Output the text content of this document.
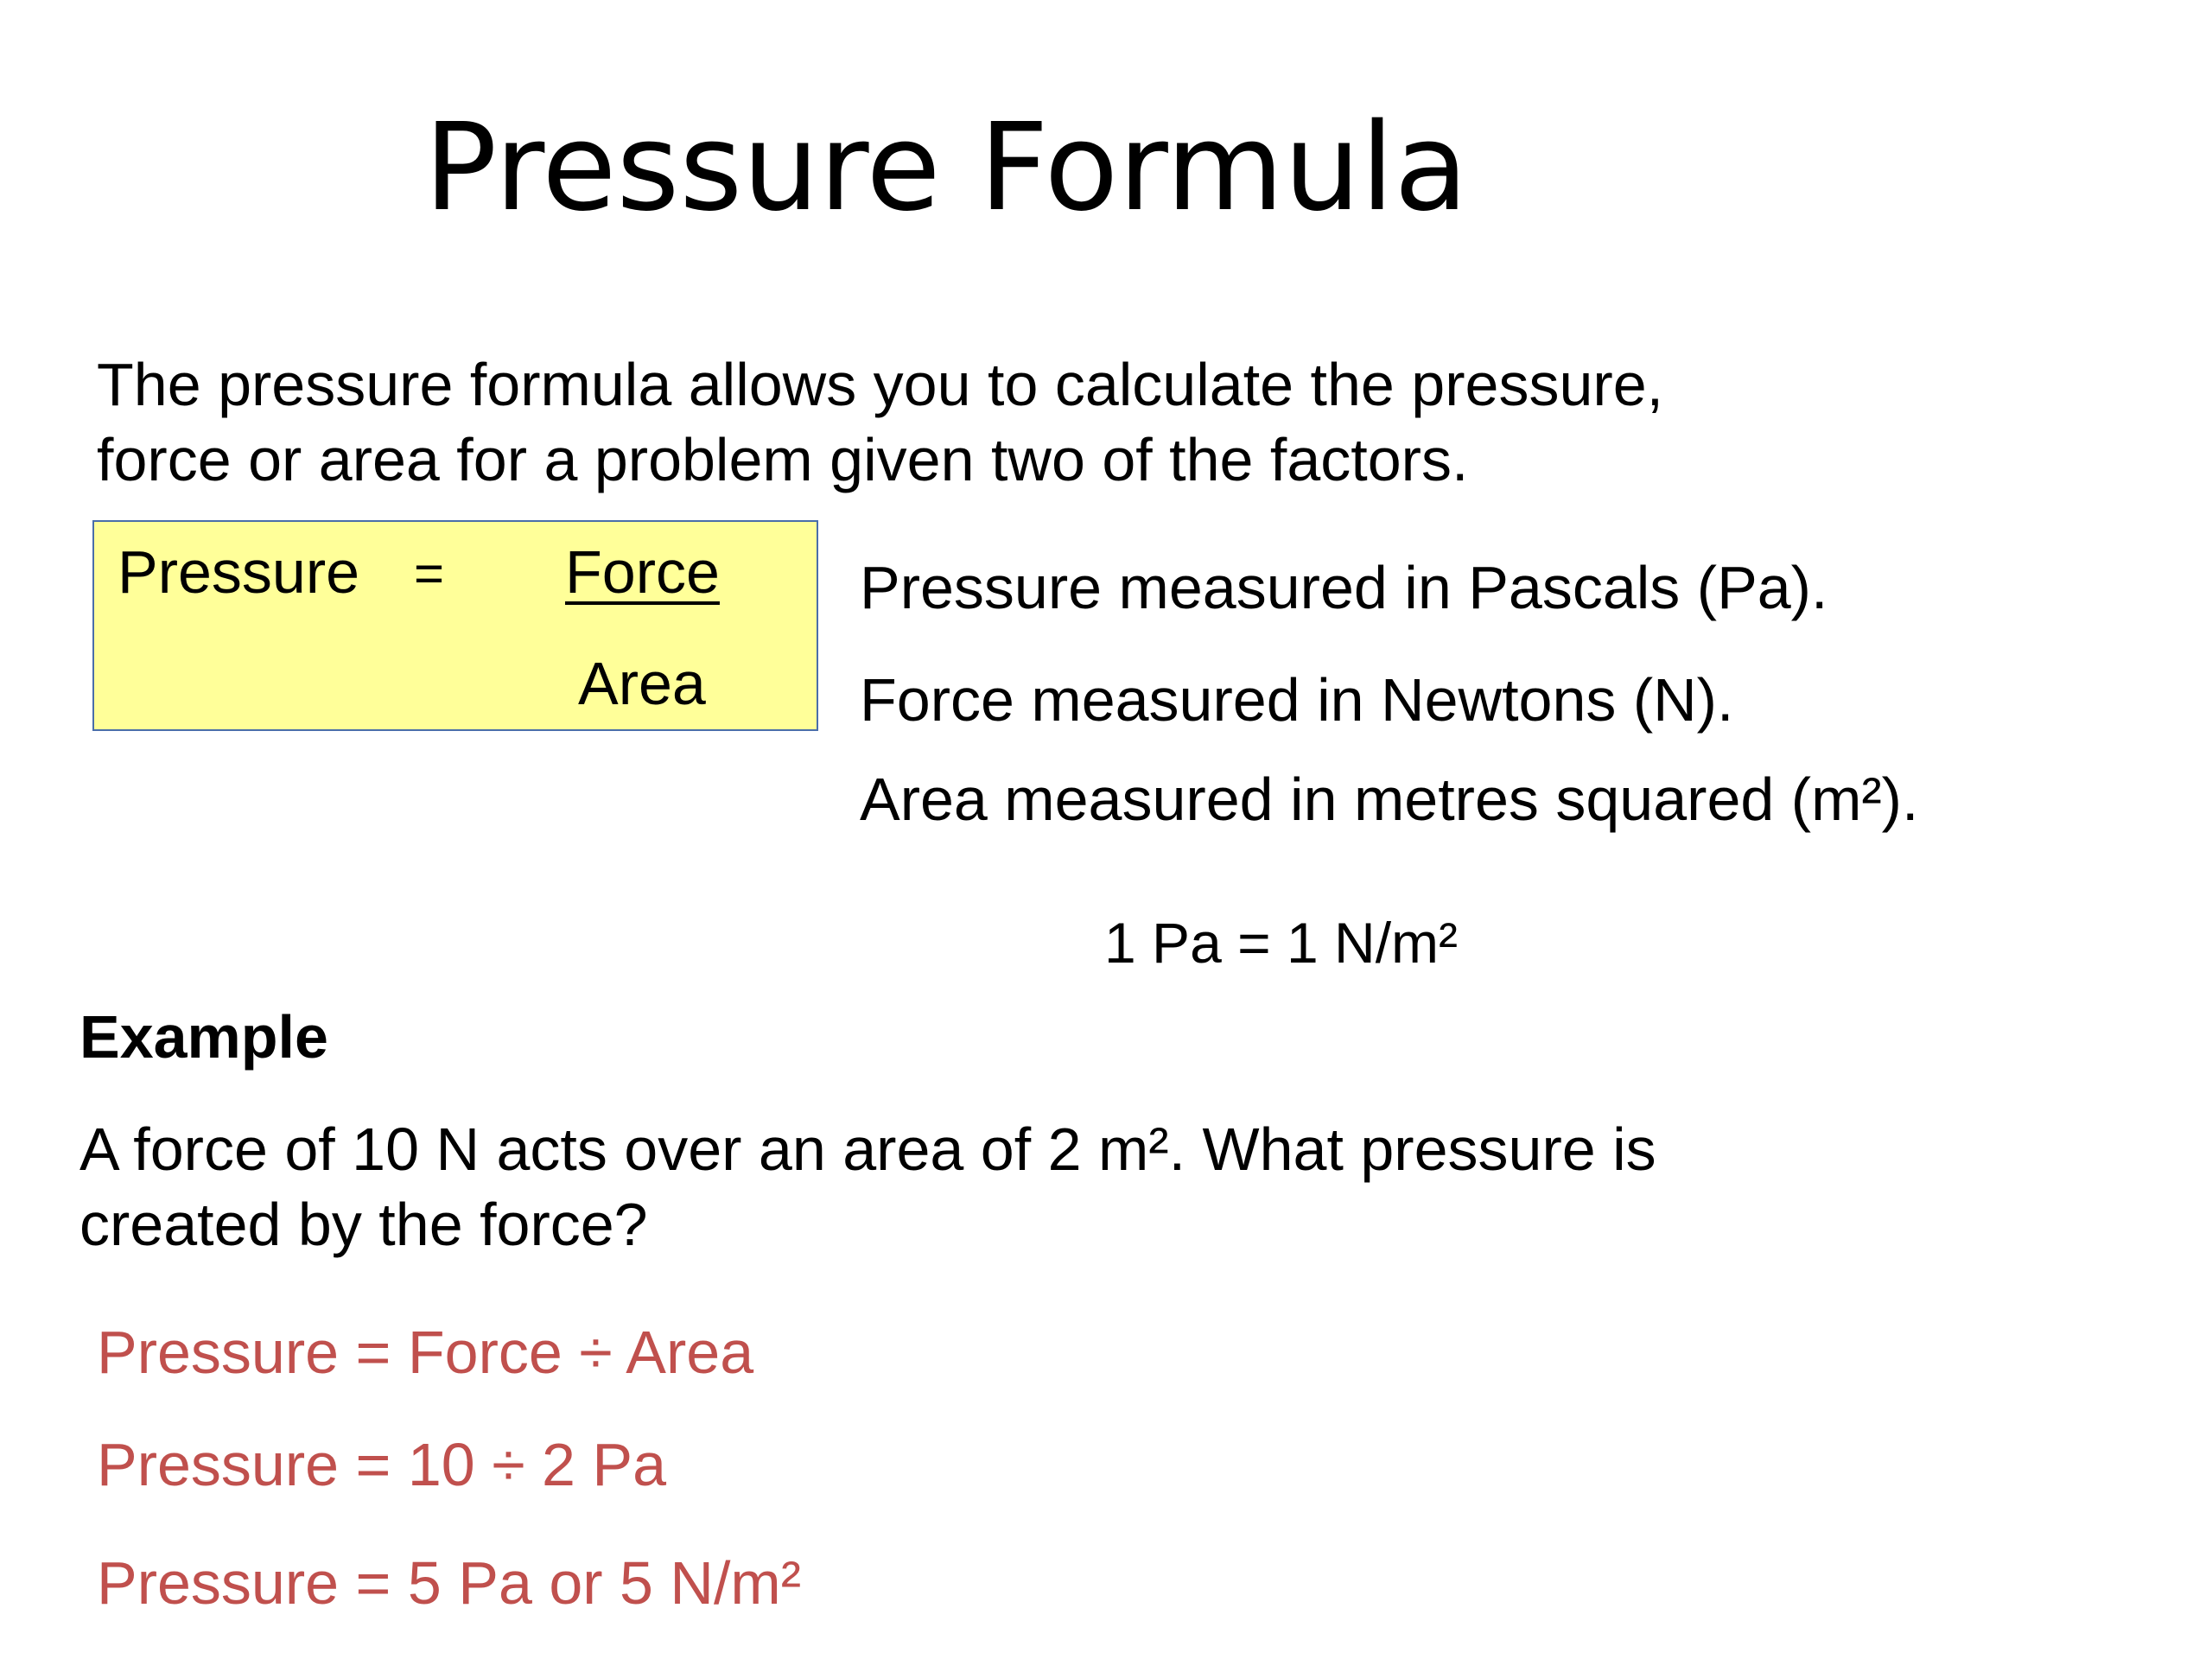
Pressure Formula
The pressure formula allows you to calculate the pressure,
force or area for a problem given two of the factors.
Pressure = Force
Area
Pressure measured in Pascals (Pa).
Force measured in Newtons (N).
Area measured in metres squared (m²).
1 Pa = 1 N/m²
Example
A force of 10 N acts over an area of 2 m². What pressure is
created by the force?
Pressure = Force ÷ Area
Pressure = 10 ÷ 2 Pa
Pressure = 5 Pa or 5 N/m²
